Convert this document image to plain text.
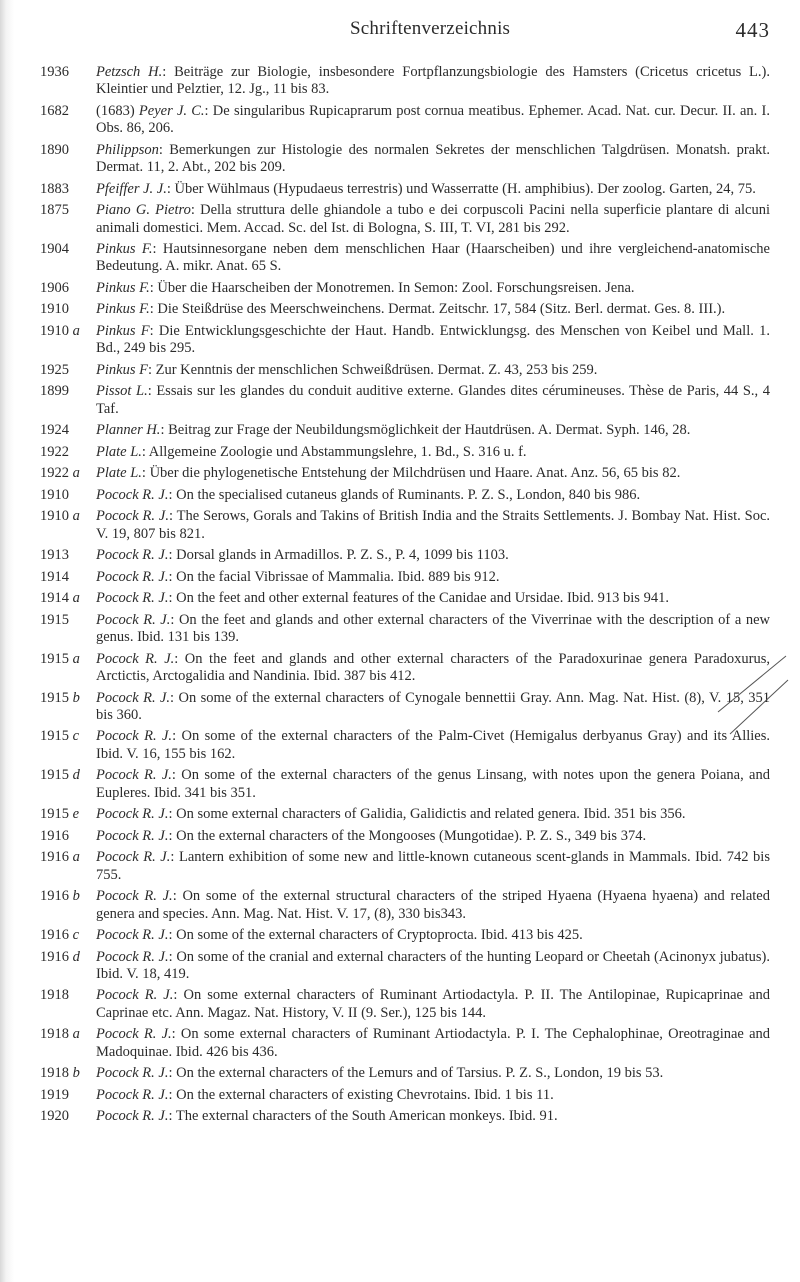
Schriftenverzeichnis	443
1936 Petzsch H.: Beiträge zur Biologie, insbesondere Fortpflanzungsbiologie des Hamsters (Cricetus cricetus L.). Kleintier und Pelztier, 12. Jg., 11 bis 83.
1682 (1683) Peyer J. C.: De singularibus Rupicaprarum post cornua meatibus. Ephemer. Acad. Nat. cur. Decur. II. an. I. Obs. 86, 206.
1890 Philippson: Bemerkungen zur Histologie des normalen Sekretes der menschlichen Talgdrüsen. Monatsh. prakt. Dermat. 11, 2. Abt., 202 bis 209.
1883 Pfeiffer J. J.: Über Wühlmaus (Hypudaeus terrestris) und Wasserratte (H. amphibius). Der zoolog. Garten, 24, 75.
1875 Piano G. Pietro: Della struttura delle ghiandole a tubo e dei corpuscoli Pacini nella superficie plantare di alcuni animali domestici. Mem. Accad. Sc. del Ist. di Bologna, S. III, T. VI, 281 bis 292.
1904 Pinkus F.: Hautsinnesorgane neben dem menschlichen Haar (Haarscheiben) und ihre vergleichend-anatomische Bedeutung. A. mikr. Anat. 65 S.
1906 Pinkus F.: Über die Haarscheiben der Monotremen. In Semon: Zool. Forschungsreisen. Jena.
1910 Pinkus F.: Die Steißdrüse des Meerschweinchens. Dermat. Zeitschr. 17, 584 (Sitz. Berl. dermat. Ges. 8. III.).
1910 a Pinkus F: Die Entwicklungsgeschichte der Haut. Handb. Entwicklungsg. des Menschen von Keibel und Mall. 1. Bd., 249 bis 295.
1925 Pinkus F: Zur Kenntnis der menschlichen Schweißdrüsen. Dermat. Z. 43, 253 bis 259.
1899 Pissot L.: Essais sur les glandes du conduit auditive externe. Glandes dites cérumineuses. Thèse de Paris, 44 S., 4 Taf.
1924 Planner H.: Beitrag zur Frage der Neubildungsmöglichkeit der Hautdrüsen. A. Dermat. Syph. 146, 28.
1922 Plate L.: Allgemeine Zoologie und Abstammungslehre, 1. Bd., S. 316 u. f.
1922 a Plate L.: Über die phylogenetische Entstehung der Milchdrüsen und Haare. Anat. Anz. 56, 65 bis 82.
1910 Pocock R. J.: On the specialised cutaneus glands of Ruminants. P. Z. S., London, 840 bis 986.
1910 a Pocock R. J.: The Serows, Gorals and Takins of British India and the Straits Settlements. J. Bombay Nat. Hist. Soc. V. 19, 807 bis 821.
1913 Pocock R. J.: Dorsal glands in Armadillos. P. Z. S., P. 4, 1099 bis 1103.
1914 Pocock R. J.: On the facial Vibrissae of Mammalia. Ibid. 889 bis 912.
1914 a Pocock R. J.: On the feet and other external features of the Canidae and Ursidae. Ibid. 913 bis 941.
1915 Pocock R. J.: On the feet and glands and other external characters of the Viverrinae with the description of a new genus. Ibid. 131 bis 139.
1915 a Pocock R. J.: On the feet and glands and other external characters of the Paradoxurinae genera Paradoxurus, Arctictis, Arctogalidia and Nandinia. Ibid. 387 bis 412.
1915 b Pocock R. J.: On some of the external characters of Cynogale bennettii Gray. Ann. Mag. Nat. Hist. (8), V. 15, 351 bis 360.
1915 c Pocock R. J.: On some of the external characters of the Palm-Civet (Hemigalus derbyanus Gray) and its Allies. Ibid. V. 16, 155 bis 162.
1915 d Pocock R. J.: On some of the external characters of the genus Linsang, with notes upon the genera Poiana, and Eupleres. Ibid. 341 bis 351.
1915 e Pocock R. J.: On some external characters of Galidia, Galidictis and related genera. Ibid. 351 bis 356.
1916 Pocock R. J.: On the external characters of the Mongooses (Mungotidae). P. Z. S., 349 bis 374.
1916 a Pocock R. J.: Lantern exhibition of some new and little-known cutaneous scent-glands in Mammals. Ibid. 742 bis 755.
1916 b Pocock R. J.: On some of the external structural characters of the striped Hyaena (Hyaena hyaena) and related genera and species. Ann. Mag. Nat. Hist. V. 17, (8), 330 bis343.
1916 c Pocock R. J.: On some of the external characters of Cryptoprocta. Ibid. 413 bis 425.
1916 d Pocock R. J.: On some of the cranial and external characters of the hunting Leopard or Cheetah (Acinonyx jubatus). Ibid. V. 18, 419.
1918 Pocock R. J.: On some external characters of Ruminant Artiodactyla. P. II. The Antilopinae, Rupicaprinae and Caprinae etc. Ann. Magaz. Nat. History, V. II (9. Ser.), 125 bis 144.
1918 a Pocock R. J.: On some external characters of Ruminant Artiodactyla. P. I. The Cephalophinae, Oreotraginae and Madoquinae. Ibid. 426 bis 436.
1918 b Pocock R. J.: On the external characters of the Lemurs and of Tarsius. P. Z. S., London, 19 bis 53.
1919 Pocock R. J.: On the external characters of existing Chevrotains. Ibid. 1 bis 11.
1920 Pocock R. J.: The external characters of the South American monkeys. Ibid. 91.
